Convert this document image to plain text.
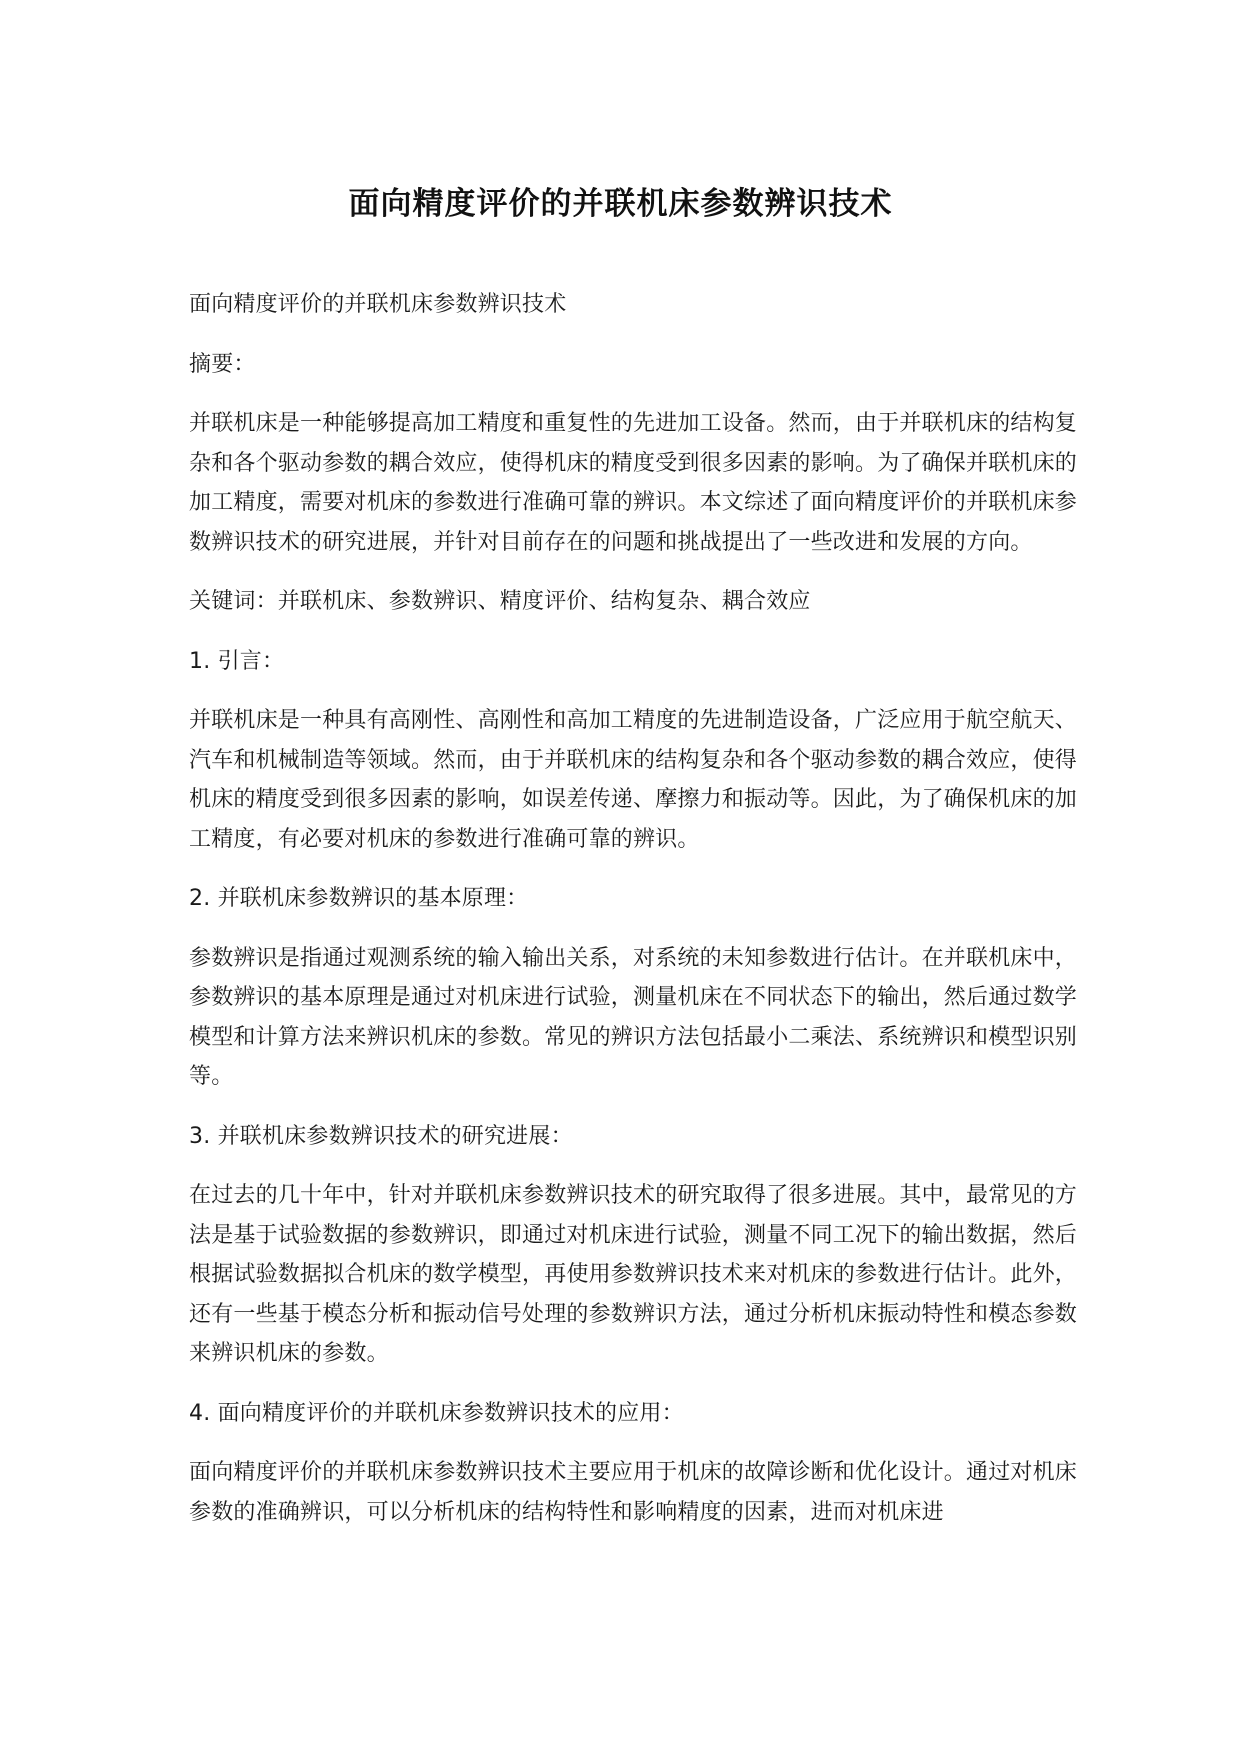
面向精度评价的并联机床参数辨识技术

面向精度评价的并联机床参数辨识技术

摘要：

并联机床是一种能够提高加工精度和重复性的先进加工设备。然而，由于并联机床的结构复杂和各个驱动参数的耦合效应，使得机床的精度受到很多因素的影响。为了确保并联机床的加工精度，需要对机床的参数进行准确可靠的辨识。本文综述了面向精度评价的并联机床参数辨识技术的研究进展，并针对目前存在的问题和挑战提出了一些改进和发展的方向。

关键词：并联机床、参数辨识、精度评价、结构复杂、耦合效应

1. 引言：

并联机床是一种具有高刚性、高刚性和高加工精度的先进制造设备，广泛应用于航空航天、汽车和机械制造等领域。然而，由于并联机床的结构复杂和各个驱动参数的耦合效应，使得机床的精度受到很多因素的影响，如误差传递、摩擦力和振动等。因此，为了确保机床的加工精度，有必要对机床的参数进行准确可靠的辨识。

2. 并联机床参数辨识的基本原理：

参数辨识是指通过观测系统的输入输出关系，对系统的未知参数进行估计。在并联机床中，参数辨识的基本原理是通过对机床进行试验，测量机床在不同状态下的输出，然后通过数学模型和计算方法来辨识机床的参数。常见的辨识方法包括最小二乘法、系统辨识和模型识别等。

3. 并联机床参数辨识技术的研究进展：

在过去的几十年中，针对并联机床参数辨识技术的研究取得了很多进展。其中，最常见的方法是基于试验数据的参数辨识，即通过对机床进行试验，测量不同工况下的输出数据，然后根据试验数据拟合机床的数学模型，再使用参数辨识技术来对机床的参数进行估计。此外，还有一些基于模态分析和振动信号处理的参数辨识方法，通过分析机床振动特性和模态参数来辨识机床的参数。

4. 面向精度评价的并联机床参数辨识技术的应用：

面向精度评价的并联机床参数辨识技术主要应用于机床的故障诊断和优化设计。通过对机床参数的准确辨识，可以分析机床的结构特性和影响精度的因素，进而对机床进
